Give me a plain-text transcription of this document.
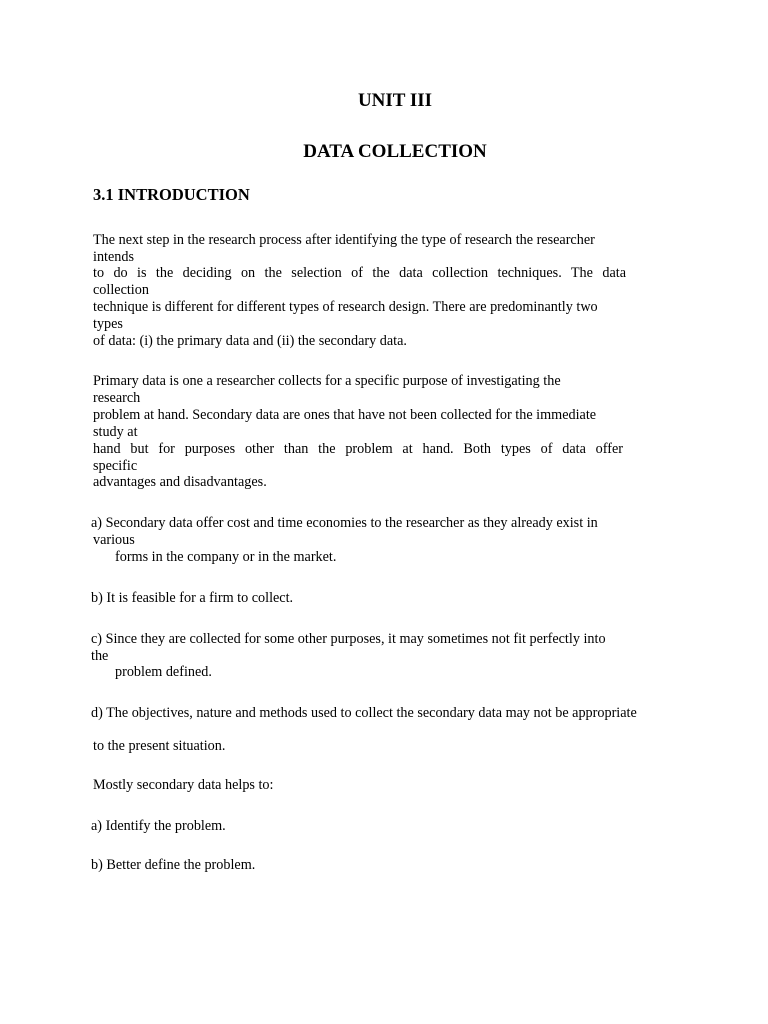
UNIT III
DATA COLLECTION
3.1 INTRODUCTION
The next step in the research process after identifying the type of research the researcher
intends
to do is the deciding on the selection of the data collection techniques. The data
collection
technique is different for different types of research design. There are predominantly two
types
of data: (i) the primary data and (ii) the secondary data.
Primary data is one a researcher collects for a specific purpose of investigating the
research
problem at hand. Secondary data are ones that have not been collected for the immediate
study at
hand but for purposes other than the problem at hand. Both types of data offer
specific
advantages and disadvantages.
a) Secondary data offer cost and time economies to the researcher as they already exist in
various
forms in the company or in the market.
b) It is feasible for a firm to collect.
c) Since they are collected for some other purposes, it may sometimes not fit perfectly into
the
problem defined.
d) The objectives, nature and methods used to collect the secondary data may not be appropriate
to the present situation.
Mostly secondary data helps to:
a) Identify the problem.
b) Better define the problem.
